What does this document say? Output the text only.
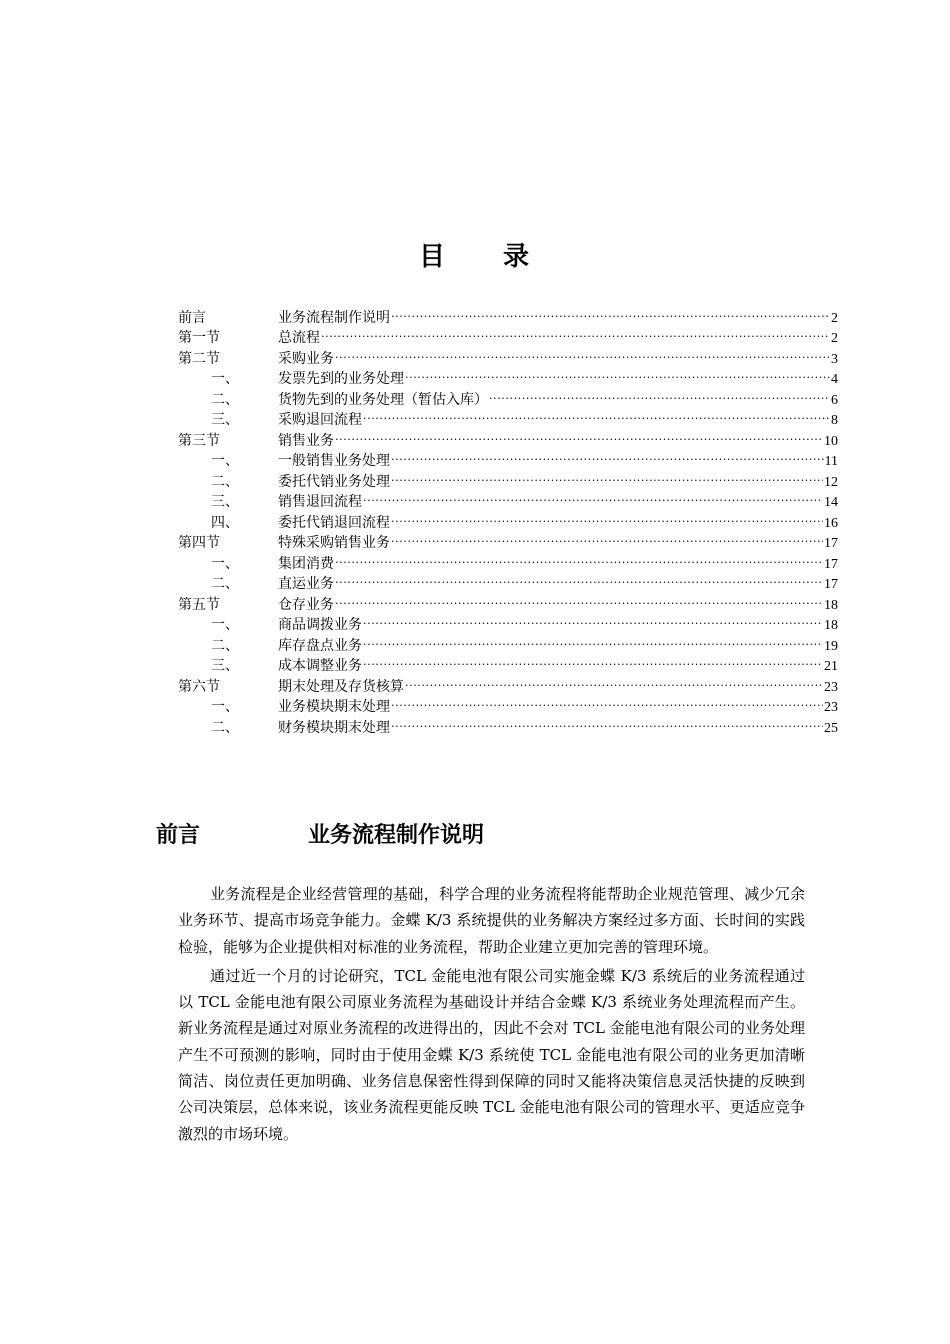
目 录
前言	业务流程制作说明 .....	2
第一节	总流程 .....	2
第二节	采购业务 .....	3
一、	发票先到的业务处理 .....	4
二、	货物先到的业务处理（暂估入库） .....	6
三、	采购退回流程 .....	8
第三节	销售业务 .....	10
一、	一般销售业务处理 .....	11
二、	委托代销业务处理 .....	12
三、	销售退回流程 .....	14
四、	委托代销退回流程 .....	16
第四节	特殊采购销售业务 .....	17
一、	集团消费 .....	17
二、	直运业务 .....	17
第五节	仓存业务 .....	18
一、	商品调拨业务 .....	18
二、	库存盘点业务 .....	19
三、	成本调整业务 .....	21
第六节	期末处理及存货核算 .....	23
一、	业务模块期末处理 .....	23
二、	财务模块期末处理 .....	25
前言	业务流程制作说明

业务流程是企业经营管理的基础，科学合理的业务流程将能帮助企业规范管理、减少冗余业务环节、提高市场竞争能力。金蝶 K/3 系统提供的业务解决方案经过多方面、长时间的实践检验，能够为企业提供相对标准的业务流程，帮助企业建立更加完善的管理环境。

通过近一个月的讨论研究，TCL 金能电池有限公司实施金蝶 K/3 系统后的业务流程通过以 TCL 金能电池有限公司原业务流程为基础设计并结合金蝶 K/3 系统业务处理流程而产生。新业务流程是通过对原业务流程的改进得出的，因此不会对 TCL 金能电池有限公司的业务处理产生不可预测的影响，同时由于使用金蝶 K/3 系统使 TCL 金能电池有限公司的业务更加清晰简洁、岗位责任更加明确、业务信息保密性得到保障的同时又能将决策信息灵活快捷的反映到公司决策层，总体来说，该业务流程更能反映 TCL 金能电池有限公司的管理水平、更适应竞争激烈的市场环境。
